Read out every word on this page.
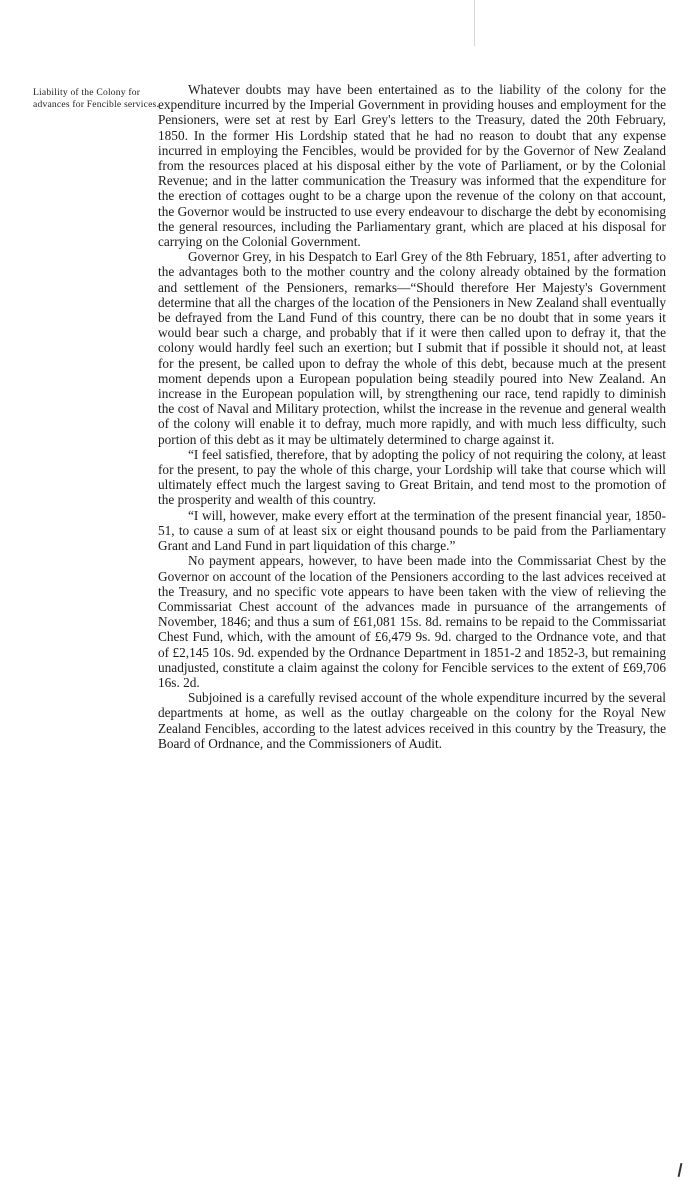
Liability of the Colony for advances for Fencible services.

Whatever doubts may have been entertained as to the liability of the colony for the expenditure incurred by the Imperial Government in providing houses and employment for the Pensioners, were set at rest by Earl Grey's letters to the Treasury, dated the 20th February, 1850. In the former His Lordship stated that he had no reason to doubt that any expense incurred in employing the Fencibles, would be provided for by the Governor of New Zealand from the resources placed at his disposal either by the vote of Parliament, or by the Colonial Revenue; and in the latter communication the Treasury was informed that the expenditure for the erection of cottages ought to be a charge upon the revenue of the colony on that account, the Governor would be instructed to use every endeavour to discharge the debt by economising the general resources, including the Parliamentary grant, which are placed at his disposal for carrying on the Colonial Government.

Governor Grey, in his Despatch to Earl Grey of the 8th February, 1851, after adverting to the advantages both to the mother country and the colony already obtained by the formation and settlement of the Pensioners, remarks—“Should therefore Her Majesty's Government determine that all the charges of the location of the Pensioners in New Zealand shall eventually be defrayed from the Land Fund of this country, there can be no doubt that in some years it would bear such a charge, and probably that if it were then called upon to defray it, that the colony would hardly feel such an exertion; but I submit that if possible it should not, at least for the present, be called upon to defray the whole of this debt, because much at the present moment depends upon a European population being steadily poured into New Zealand. An increase in the European population will, by strengthening our race, tend rapidly to diminish the cost of Naval and Military protection, whilst the increase in the revenue and general wealth of the colony will enable it to defray, much more rapidly, and with much less difficulty, such portion of this debt as it may be ultimately determined to charge against it.

“I feel satisfied, therefore, that by adopting the policy of not requiring the colony, at least for the present, to pay the whole of this charge, your Lordship will take that course which will ultimately effect much the largest saving to Great Britain, and tend most to the promotion of the prosperity and wealth of this country.

“I will, however, make every effort at the termination of the present financial year, 1850-51, to cause a sum of at least six or eight thousand pounds to be paid from the Parliamentary Grant and Land Fund in part liquidation of this charge.”

No payment appears, however, to have been made into the Commissariat Chest by the Governor on account of the location of the Pensioners according to the last advices received at the Treasury, and no specific vote appears to have been taken with the view of relieving the Commissariat Chest account of the advances made in pursuance of the arrangements of November, 1846; and thus a sum of £61,081 15s. 8d. remains to be repaid to the Commissariat Chest Fund, which, with the amount of £6,479 9s. 9d. charged to the Ordnance vote, and that of £2,145 10s. 9d. expended by the Ordnance Department in 1851-2 and 1852-3, but remaining unadjusted, constitute a claim against the colony for Fencible services to the extent of £69,706 16s. 2d.

Subjoined is a carefully revised account of the whole expenditure incurred by the several departments at home, as well as the outlay chargeable on the colony for the Royal New Zealand Fencibles, according to the latest advices received in this country by the Treasury, the Board of Ordnance, and the Commissioners of Audit.
